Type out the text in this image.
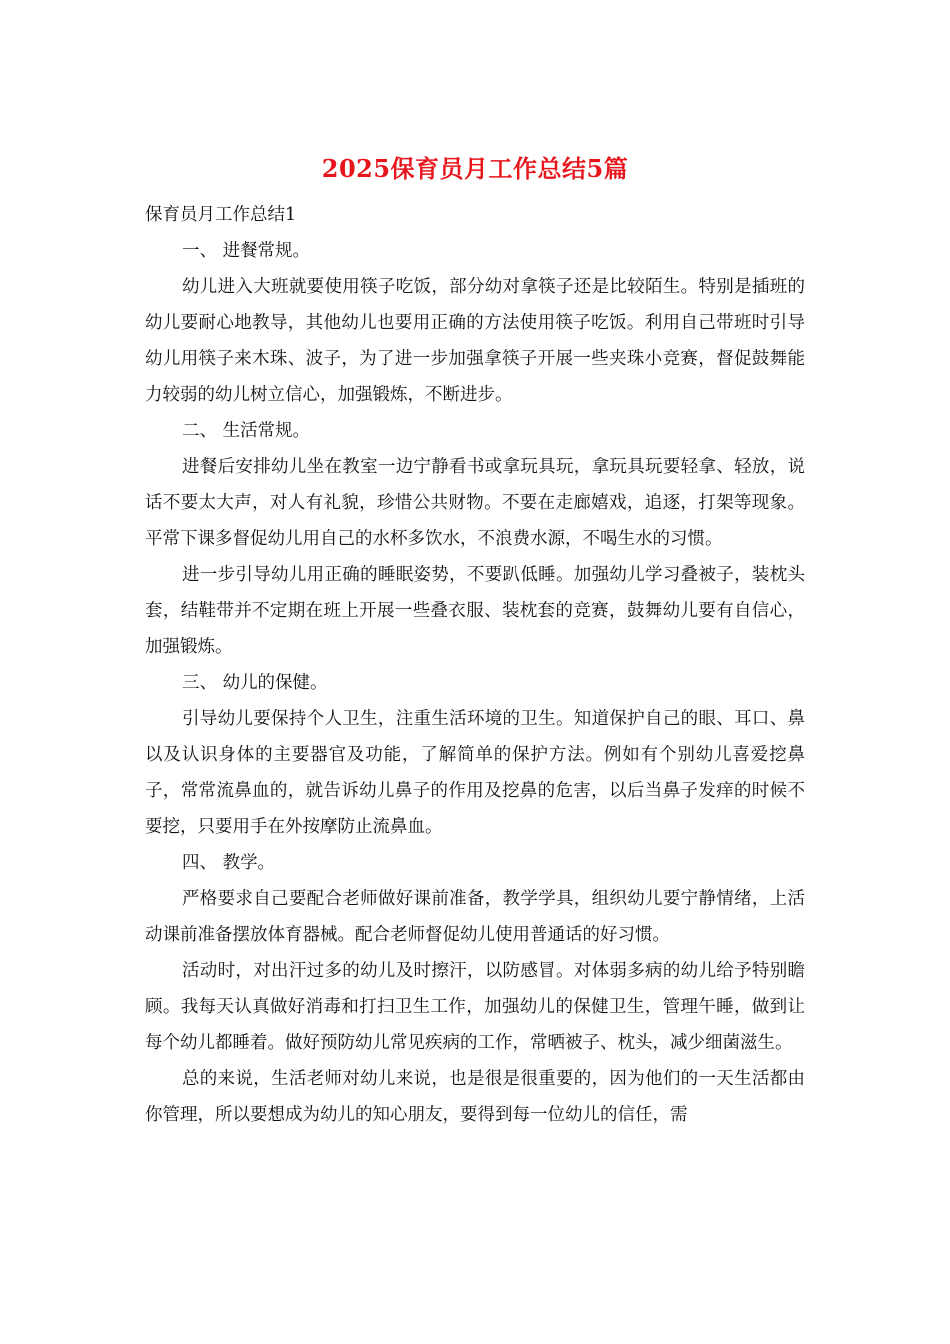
2025保育员月工作总结5篇

保育员月工作总结1

一、 进餐常规。

幼儿进入大班就要使用筷子吃饭，部分幼对拿筷子还是比较陌生。特别是插班的幼儿要耐心地教导，其他幼儿也要用正确的方法使用筷子吃饭。利用自己带班时引导幼儿用筷子来木珠、波子，为了进一步加强拿筷子开展一些夹珠小竞赛，督促鼓舞能力较弱的幼儿树立信心，加强锻炼，不断进步。

二、 生活常规。

进餐后安排幼儿坐在教室一边宁静看书或拿玩具玩，拿玩具玩要轻拿、轻放，说话不要太大声，对人有礼貌，珍惜公共财物。不要在走廊嬉戏，追逐，打架等现象。平常下课多督促幼儿用自己的水杯多饮水，不浪费水源，不喝生水的习惯。

进一步引导幼儿用正确的睡眠姿势，不要趴低睡。加强幼儿学习叠被子，装枕头套，结鞋带并不定期在班上开展一些叠衣服、装枕套的竞赛，鼓舞幼儿要有自信心，加强锻炼。

三、 幼儿的保健。

引导幼儿要保持个人卫生，注重生活环境的卫生。知道保护自己的眼、耳口、鼻以及认识身体的主要器官及功能，了解简单的保护方法。例如有个别幼儿喜爱挖鼻子，常常流鼻血的，就告诉幼儿鼻子的作用及挖鼻的危害，以后当鼻子发痒的时候不要挖，只要用手在外按摩防止流鼻血。

四、 教学。

严格要求自己要配合老师做好课前准备，教学学具，组织幼儿要宁静情绪，上活动课前准备摆放体育器械。配合老师督促幼儿使用普通话的好习惯。

活动时，对出汗过多的幼儿及时擦汗，以防感冒。对体弱多病的幼儿给予特别瞻顾。我每天认真做好消毒和打扫卫生工作，加强幼儿的保健卫生，管理午睡，做到让每个幼儿都睡着。做好预防幼儿常见疾病的工作，常晒被子、枕头，减少细菌滋生。

总的来说，生活老师对幼儿来说，也是很是很重要的，因为他们的一天生活都由你管理，所以要想成为幼儿的知心朋友，要得到每一位幼儿的信任，需
